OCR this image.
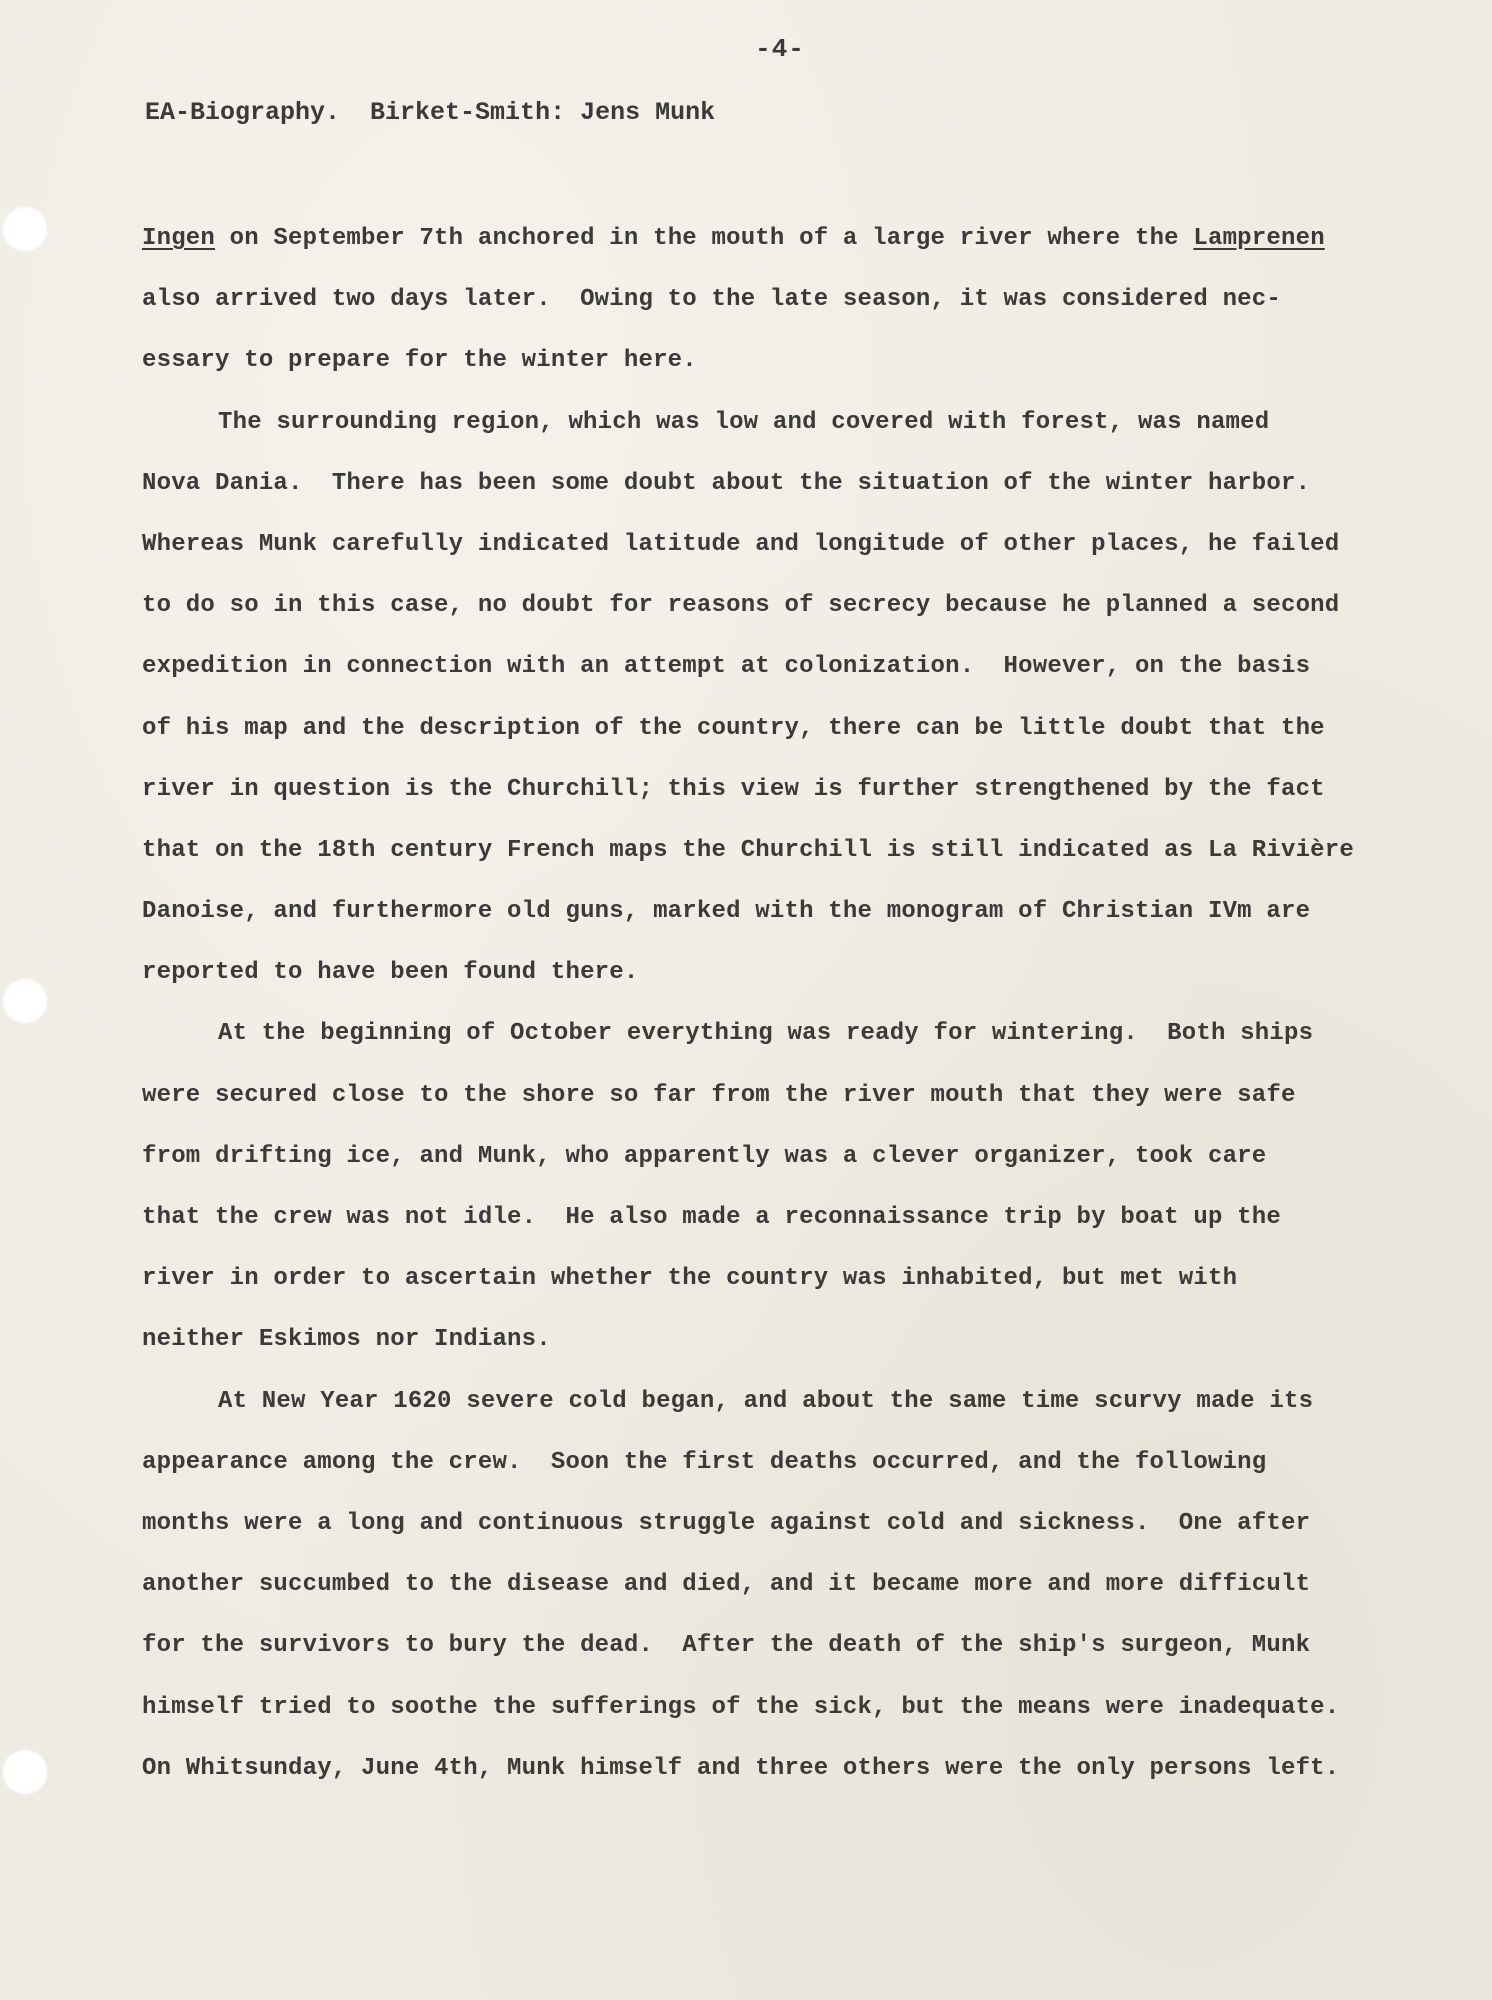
-4-
EA-Biography.  Birket-Smith: Jens Munk
Ingen on September 7th anchored in the mouth of a large river where the Lamprenen
also arrived two days later.  Owing to the late season, it was considered nec-
essary to prepare for the winter here.
The surrounding region, which was low and covered with forest, was named
Nova Dania.  There has been some doubt about the situation of the winter harbor.
Whereas Munk carefully indicated latitude and longitude of other places, he failed
to do so in this case, no doubt for reasons of secrecy because he planned a second
expedition in connection with an attempt at colonization.  However, on the basis
of his map and the description of the country, there can be little doubt that the
river in question is the Churchill; this view is further strengthened by the fact
that on the 18th century French maps the Churchill is still indicated as La Rivière
Danoise, and furthermore old guns, marked with the monogram of Christian IVm are
reported to have been found there.
At the beginning of October everything was ready for wintering.  Both ships
were secured close to the shore so far from the river mouth that they were safe
from drifting ice, and Munk, who apparently was a clever organizer, took care
that the crew was not idle.  He also made a reconnaissance trip by boat up the
river in order to ascertain whether the country was inhabited, but met with
neither Eskimos nor Indians.
At New Year 1620 severe cold began, and about the same time scurvy made its
appearance among the crew.  Soon the first deaths occurred, and the following
months were a long and continuous struggle against cold and sickness.  One after
another succumbed to the disease and died, and it became more and more difficult
for the survivors to bury the dead.  After the death of the ship's surgeon, Munk
himself tried to soothe the sufferings of the sick, but the means were inadequate.
On Whitsunday, June 4th, Munk himself and three others were the only persons left.
